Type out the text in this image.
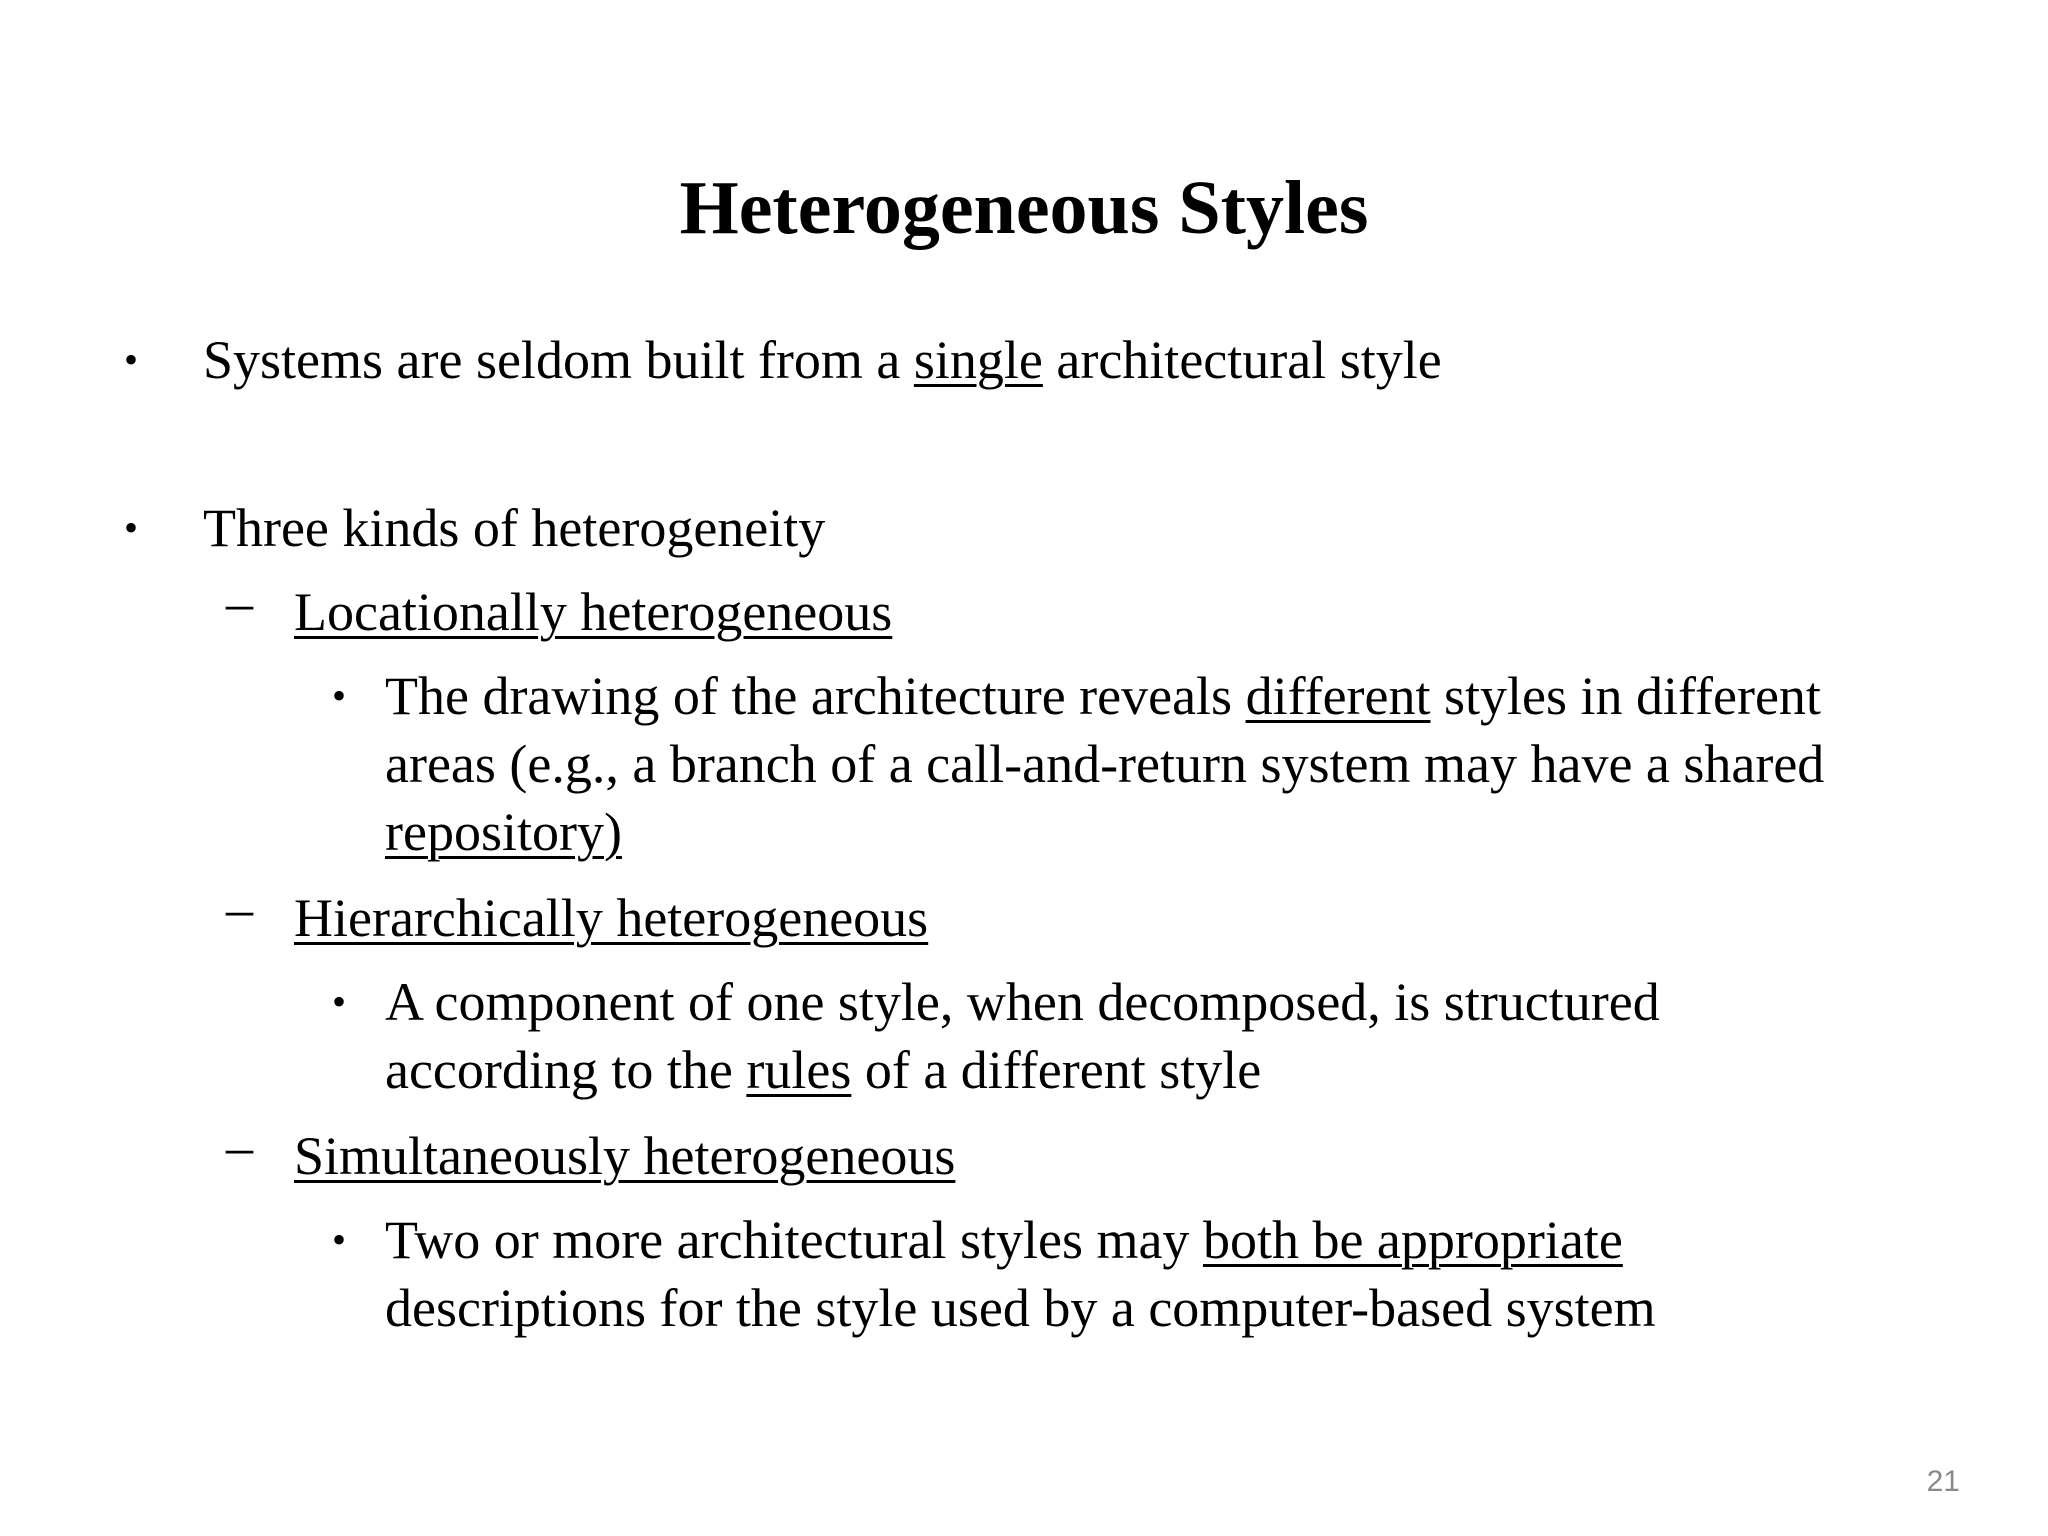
Heterogeneous Styles
• Systems are seldom built from a single architectural style
• Three kinds of heterogeneity
– Locationally heterogeneous
• The drawing of the architecture reveals different styles in different
areas (e.g., a branch of a call-and-return system may have a shared
repository)
– Hierarchically heterogeneous
• A component of one style, when decomposed, is structured
according to the rules of a different style
– Simultaneously heterogeneous
• Two or more architectural styles may both be appropriate
descriptions for the style used by a computer-based system
21
